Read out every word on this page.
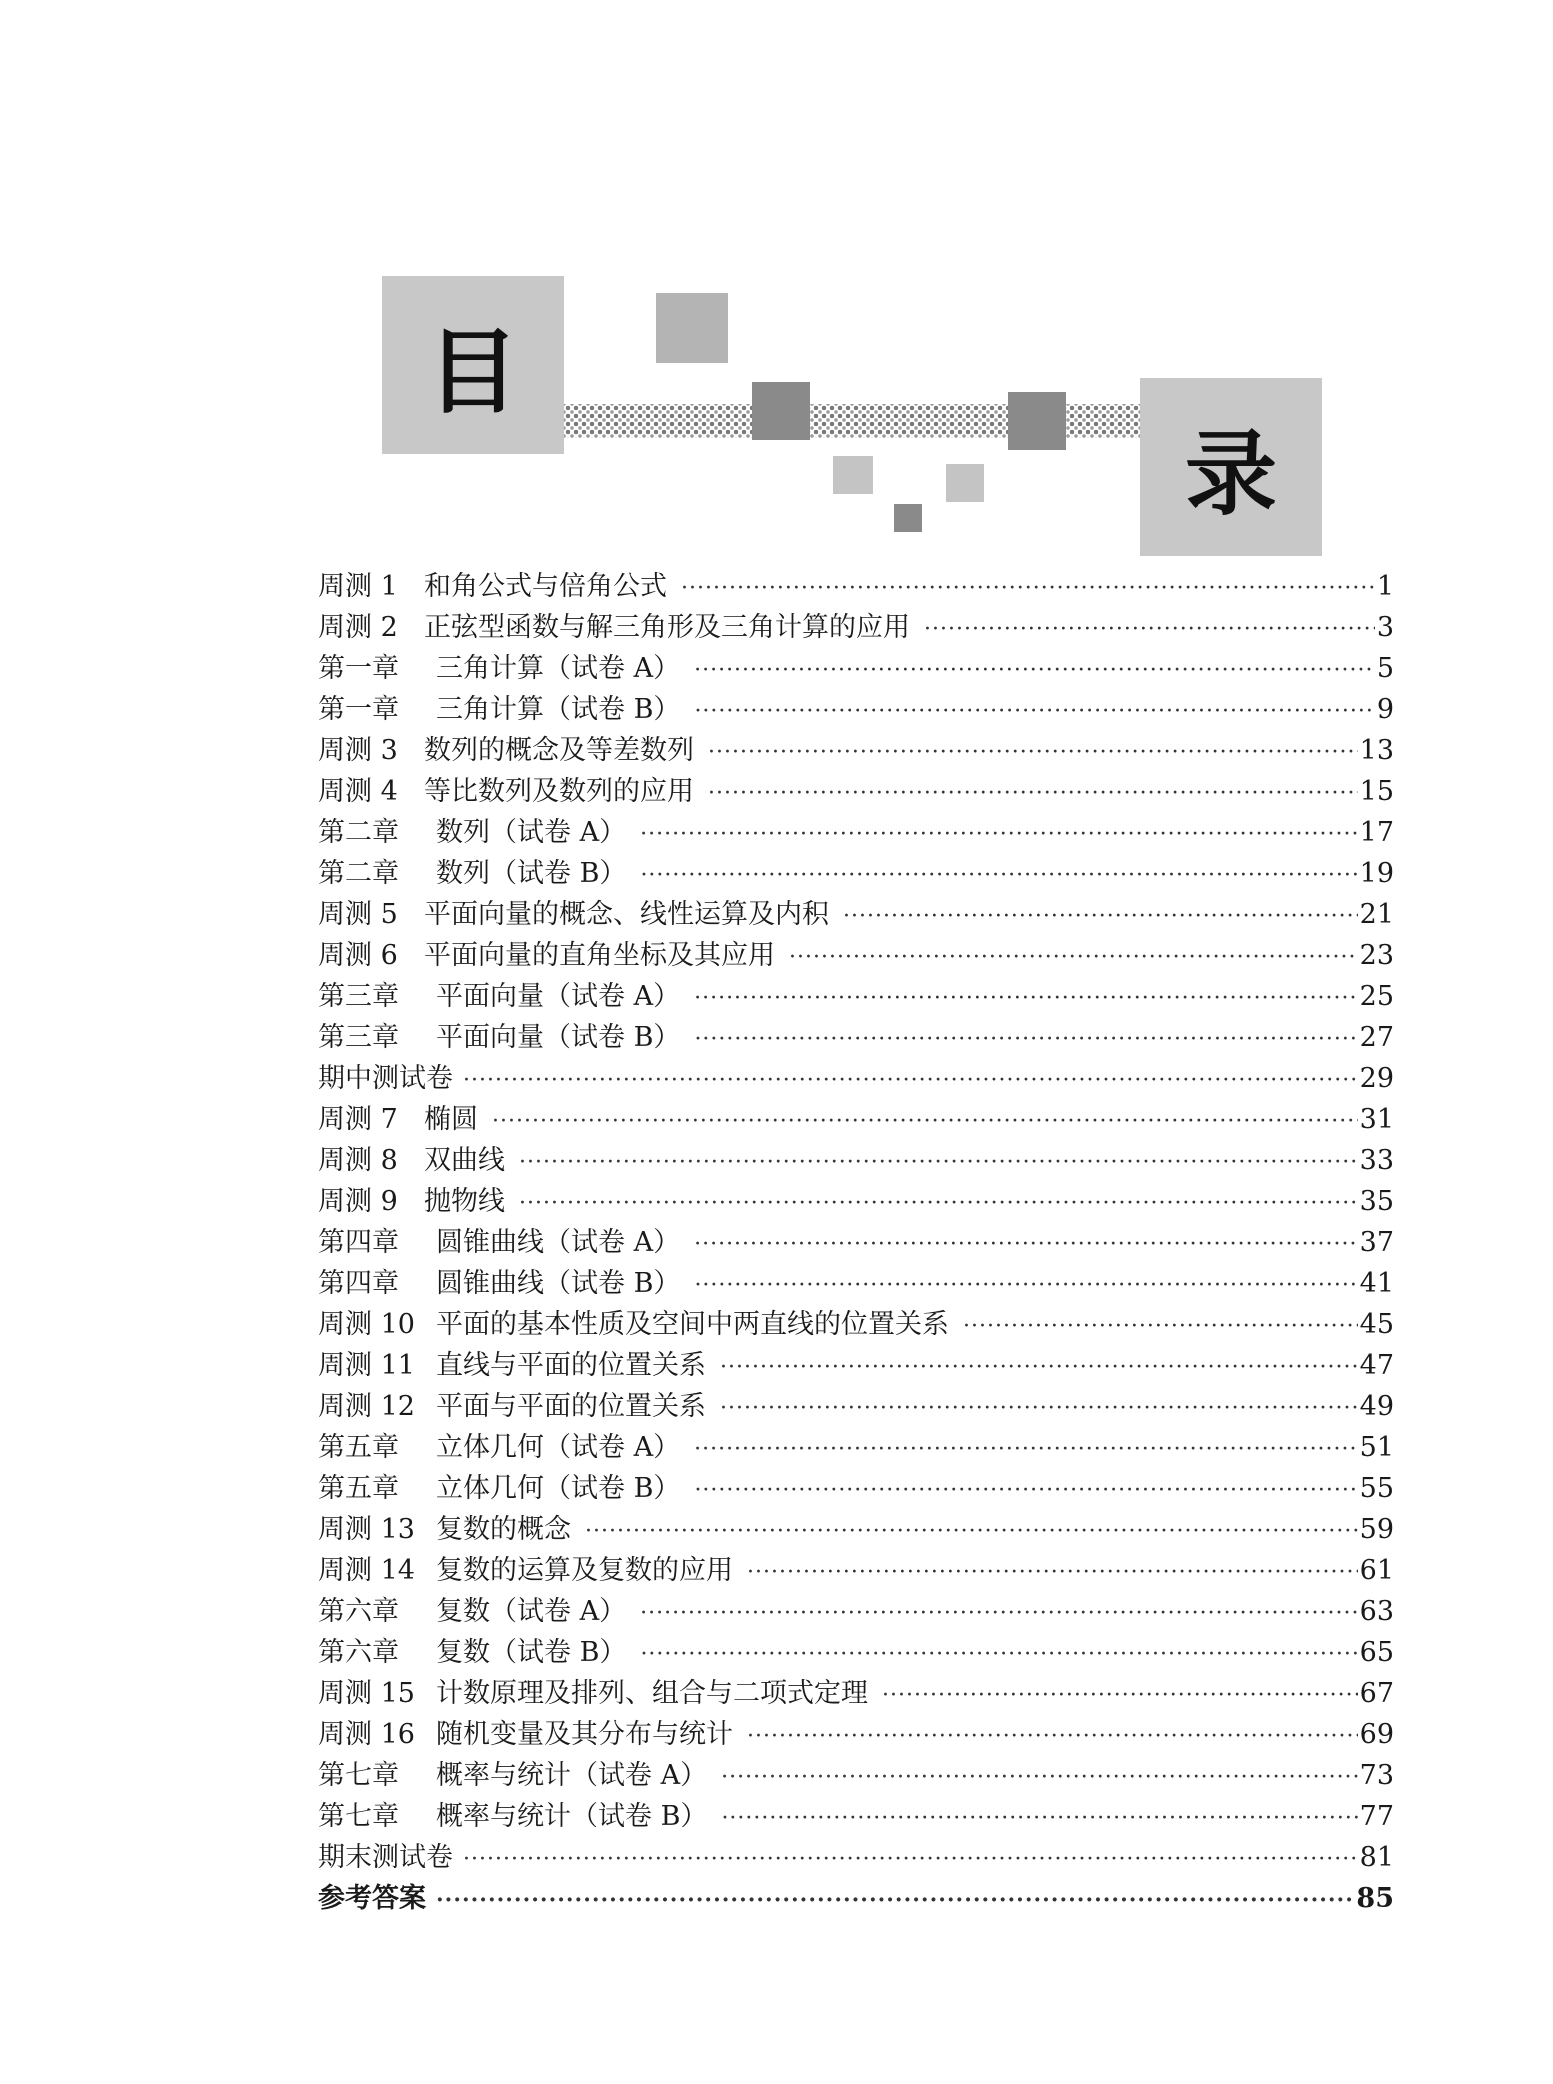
目
录
周测 1 和角公式与倍角公式 ·····	1
周测 2 正弦型函数与解三角形及三角计算的应用 ·····	3
第一章	三角计算（试卷 A） ·····	5
第一章	三角计算（试卷 B） ·····	9
周测 3 数列的概念及等差数列 ·····	13
周测 4 等比数列及数列的应用 ·····	15
第二章	数列（试卷 A） ·····	17
第二章	数列（试卷 B） ·····	19
周测 5 平面向量的概念、线性运算及内积 ·····	21
周测 6 平面向量的直角坐标及其应用 ·····	23
第三章	平面向量（试卷 A） ·····	25
第三章	平面向量（试卷 B） ·····	27
期中测试卷 ·····	29
周测 7 椭圆 ·····	31
周测 8 双曲线 ·····	33
周测 9 抛物线 ·····	35
第四章	圆锥曲线（试卷 A） ·····	37
第四章	圆锥曲线（试卷 B） ·····	41
周测 10 平面的基本性质及空间中两直线的位置关系 ·····	45
周测 11 直线与平面的位置关系 ·····	47
周测 12 平面与平面的位置关系 ·····	49
第五章	立体几何（试卷 A） ·····	51
第五章	立体几何（试卷 B） ·····	55
周测 13 复数的概念 ·····	59
周测 14 复数的运算及复数的应用 ·····	61
第六章	复数（试卷 A） ·····	63
第六章	复数（试卷 B） ·····	65
周测 15 计数原理及排列、组合与二项式定理 ·····	67
周测 16 随机变量及其分布与统计 ·····	69
第七章	概率与统计（试卷 A） ·····	73
第七章	概率与统计（试卷 B） ·····	77
期末测试卷 ·····	81
参考答案 ·····	85
